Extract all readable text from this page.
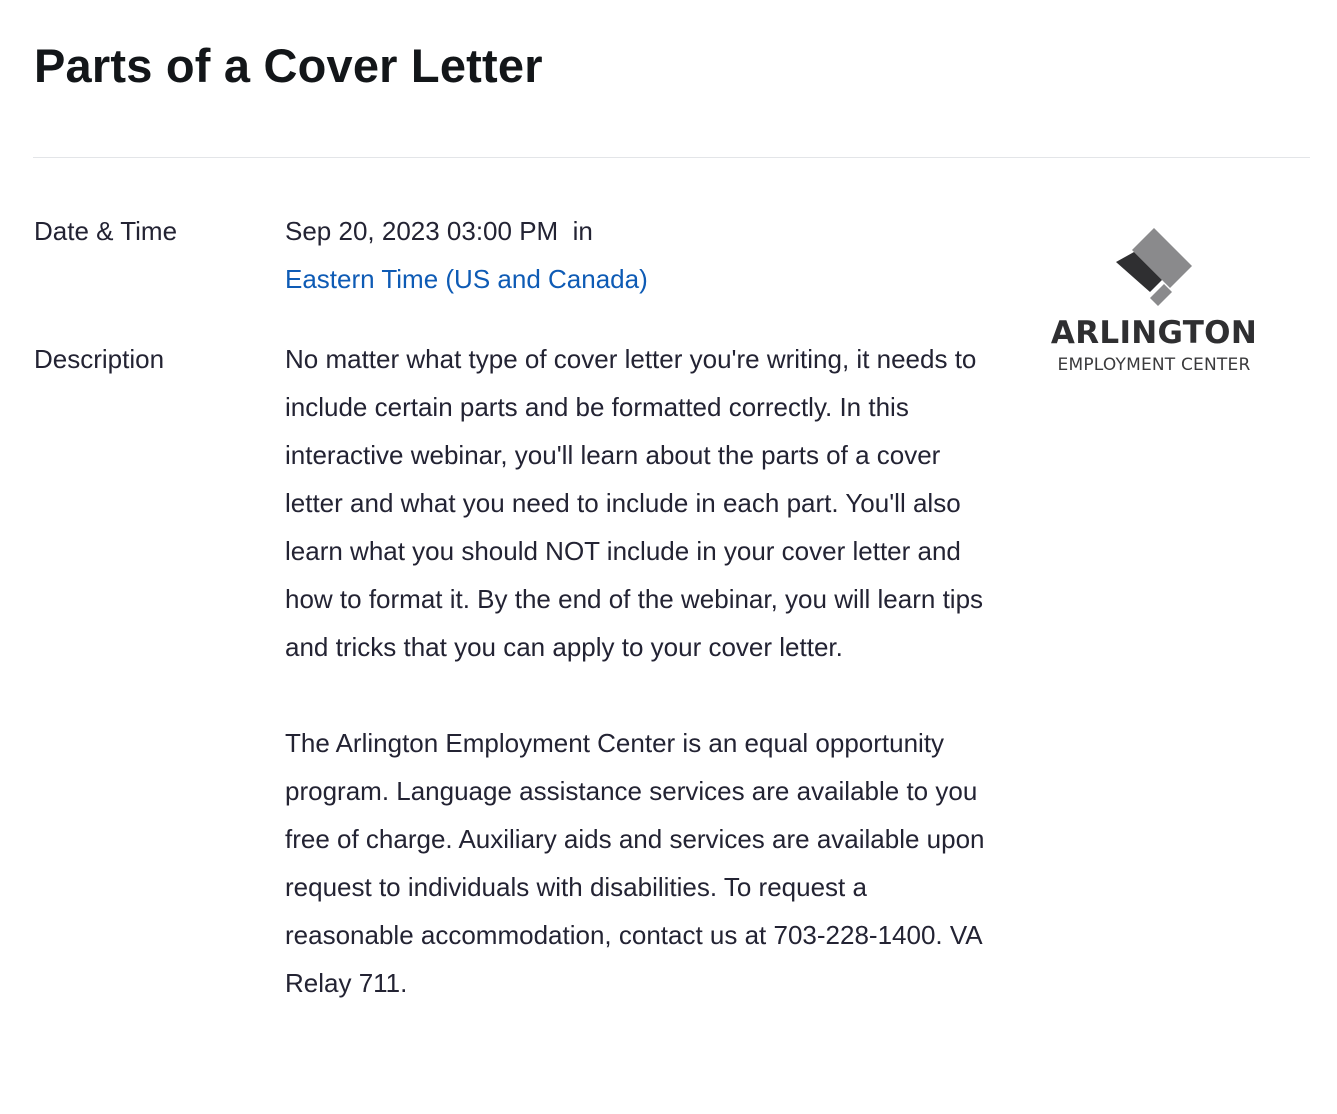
Parts of a Cover Letter
Date & Time	Sep 20, 2023 03:00 PM  in
Eastern Time (US and Canada)
Description	No matter what type of cover letter you're writing, it needs to include certain parts and be formatted correctly. In this interactive webinar, you'll learn about the parts of a cover letter and what you need to include in each part. You'll also learn what you should NOT include in your cover letter and how to format it. By the end of the webinar, you will learn tips and tricks that you can apply to your cover letter.

The Arlington Employment Center is an equal opportunity program. Language assistance services are available to you free of charge. Auxiliary aids and services are available upon request to individuals with disabilities. To request a reasonable accommodation, contact us at 703-228-1400. VA Relay 711.

ARLINGTON
EMPLOYMENT CENTER
